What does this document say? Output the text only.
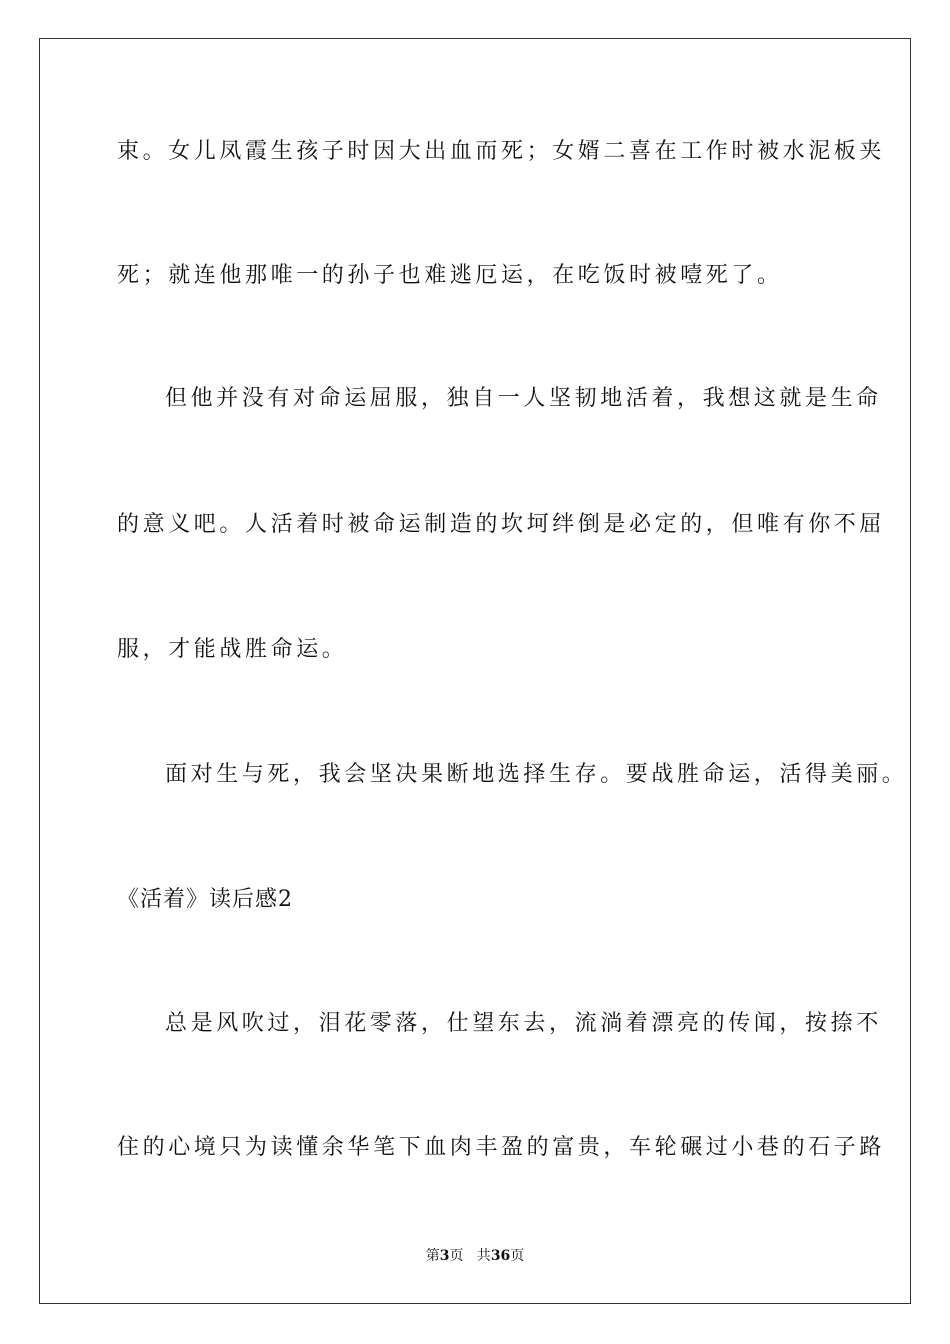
束。女儿凤霞生孩子时因大出血而死；女婿二喜在工作时被水泥板夹
死；就连他那唯一的孙子也难逃厄运，在吃饭时被噎死了。
但他并没有对命运屈服，独自一人坚韧地活着，我想这就是生命
的意义吧。人活着时被命运制造的坎坷绊倒是必定的，但唯有你不屈
服，才能战胜命运。
面对生与死，我会坚决果断地选择生存。要战胜命运，活得美丽。
《活着》读后感2
总是风吹过，泪花零落，仕望东去，流淌着漂亮的传闻，按捺不
住的心境只为读懂余华笔下血肉丰盈的富贵，车轮碾过小巷的石子路
第3页   共36页
